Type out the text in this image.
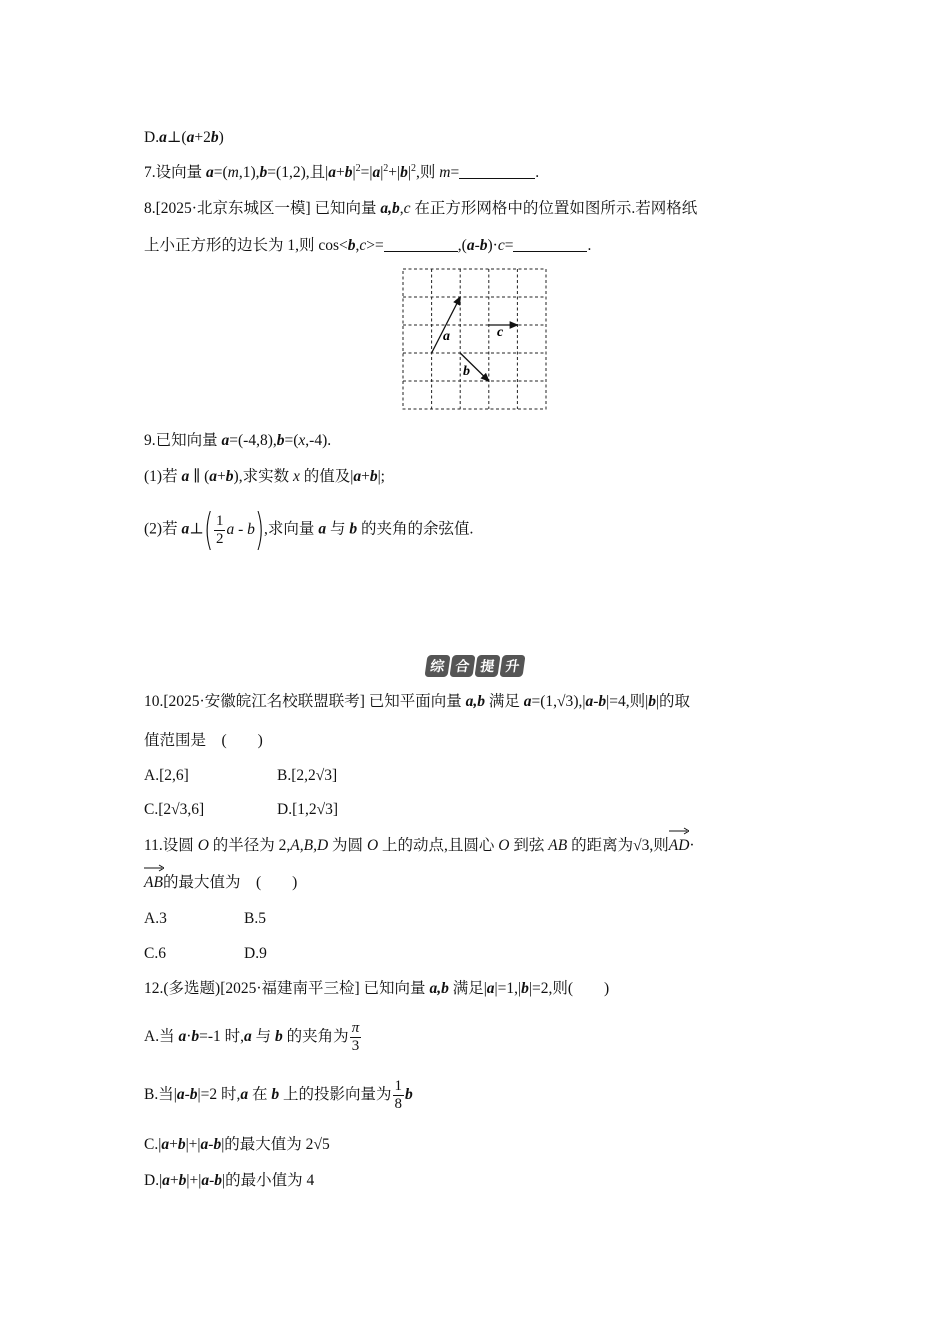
D.a⊥(a+2b)
7.设向量 a=(m,1),b=(1,2),且$|a+b|^2=|a|^2+|b|^2$,则 m=	.
8.[2025·北京东城区一模] 已知向量 a,b,c 在正方形网格中的位置如图所示.若网格纸
上小正方形的边长为 1,则 cos<b,c>=	,(a-b)·c=	.
a
b
c
9.已知向量 a=(-4,8),b=(x,-4).
(1)若 a ∥ (a+b),求实数 x 的值及|a+b|;
(2)若 a⊥ ( $\frac{1}{2}$ a - b ) ,求向量 a 与 b 的夹角的余弦值.
综 合 提 升
10.[2025·安徽皖江名校联盟联考] 已知平面向量 a,b 满足 a=(1,√3),|a-b|=4,则|b|的取
值范围是　(　　)
A.[2,6]	B.[2,2√3]
C.[2√3,6]	D.[1,2√3]
11.设圆 O 的半径为 2,A,B,D 为圆 O 上的动点,且圆心 O 到弦 AB 的距离为√3,则
AD·
AB的最大值为　(　　)
A.3	B.5
C.6	D.9
12.(多选题)[2025·福建南平三检] 已知向量 a,b 满足|a|=1,|b|=2,则(　　)
A.当 a·b=-1 时,a 与 b 的夹角为 $\frac{\pi}{3}$
B.当|a-b|=2 时,a 在 b 上的投影向量为 $\frac{1}{8}$ b
C.|a+b|+|a-b|的最大值为 2√5
D.|a+b|+|a-b|的最小值为 4
